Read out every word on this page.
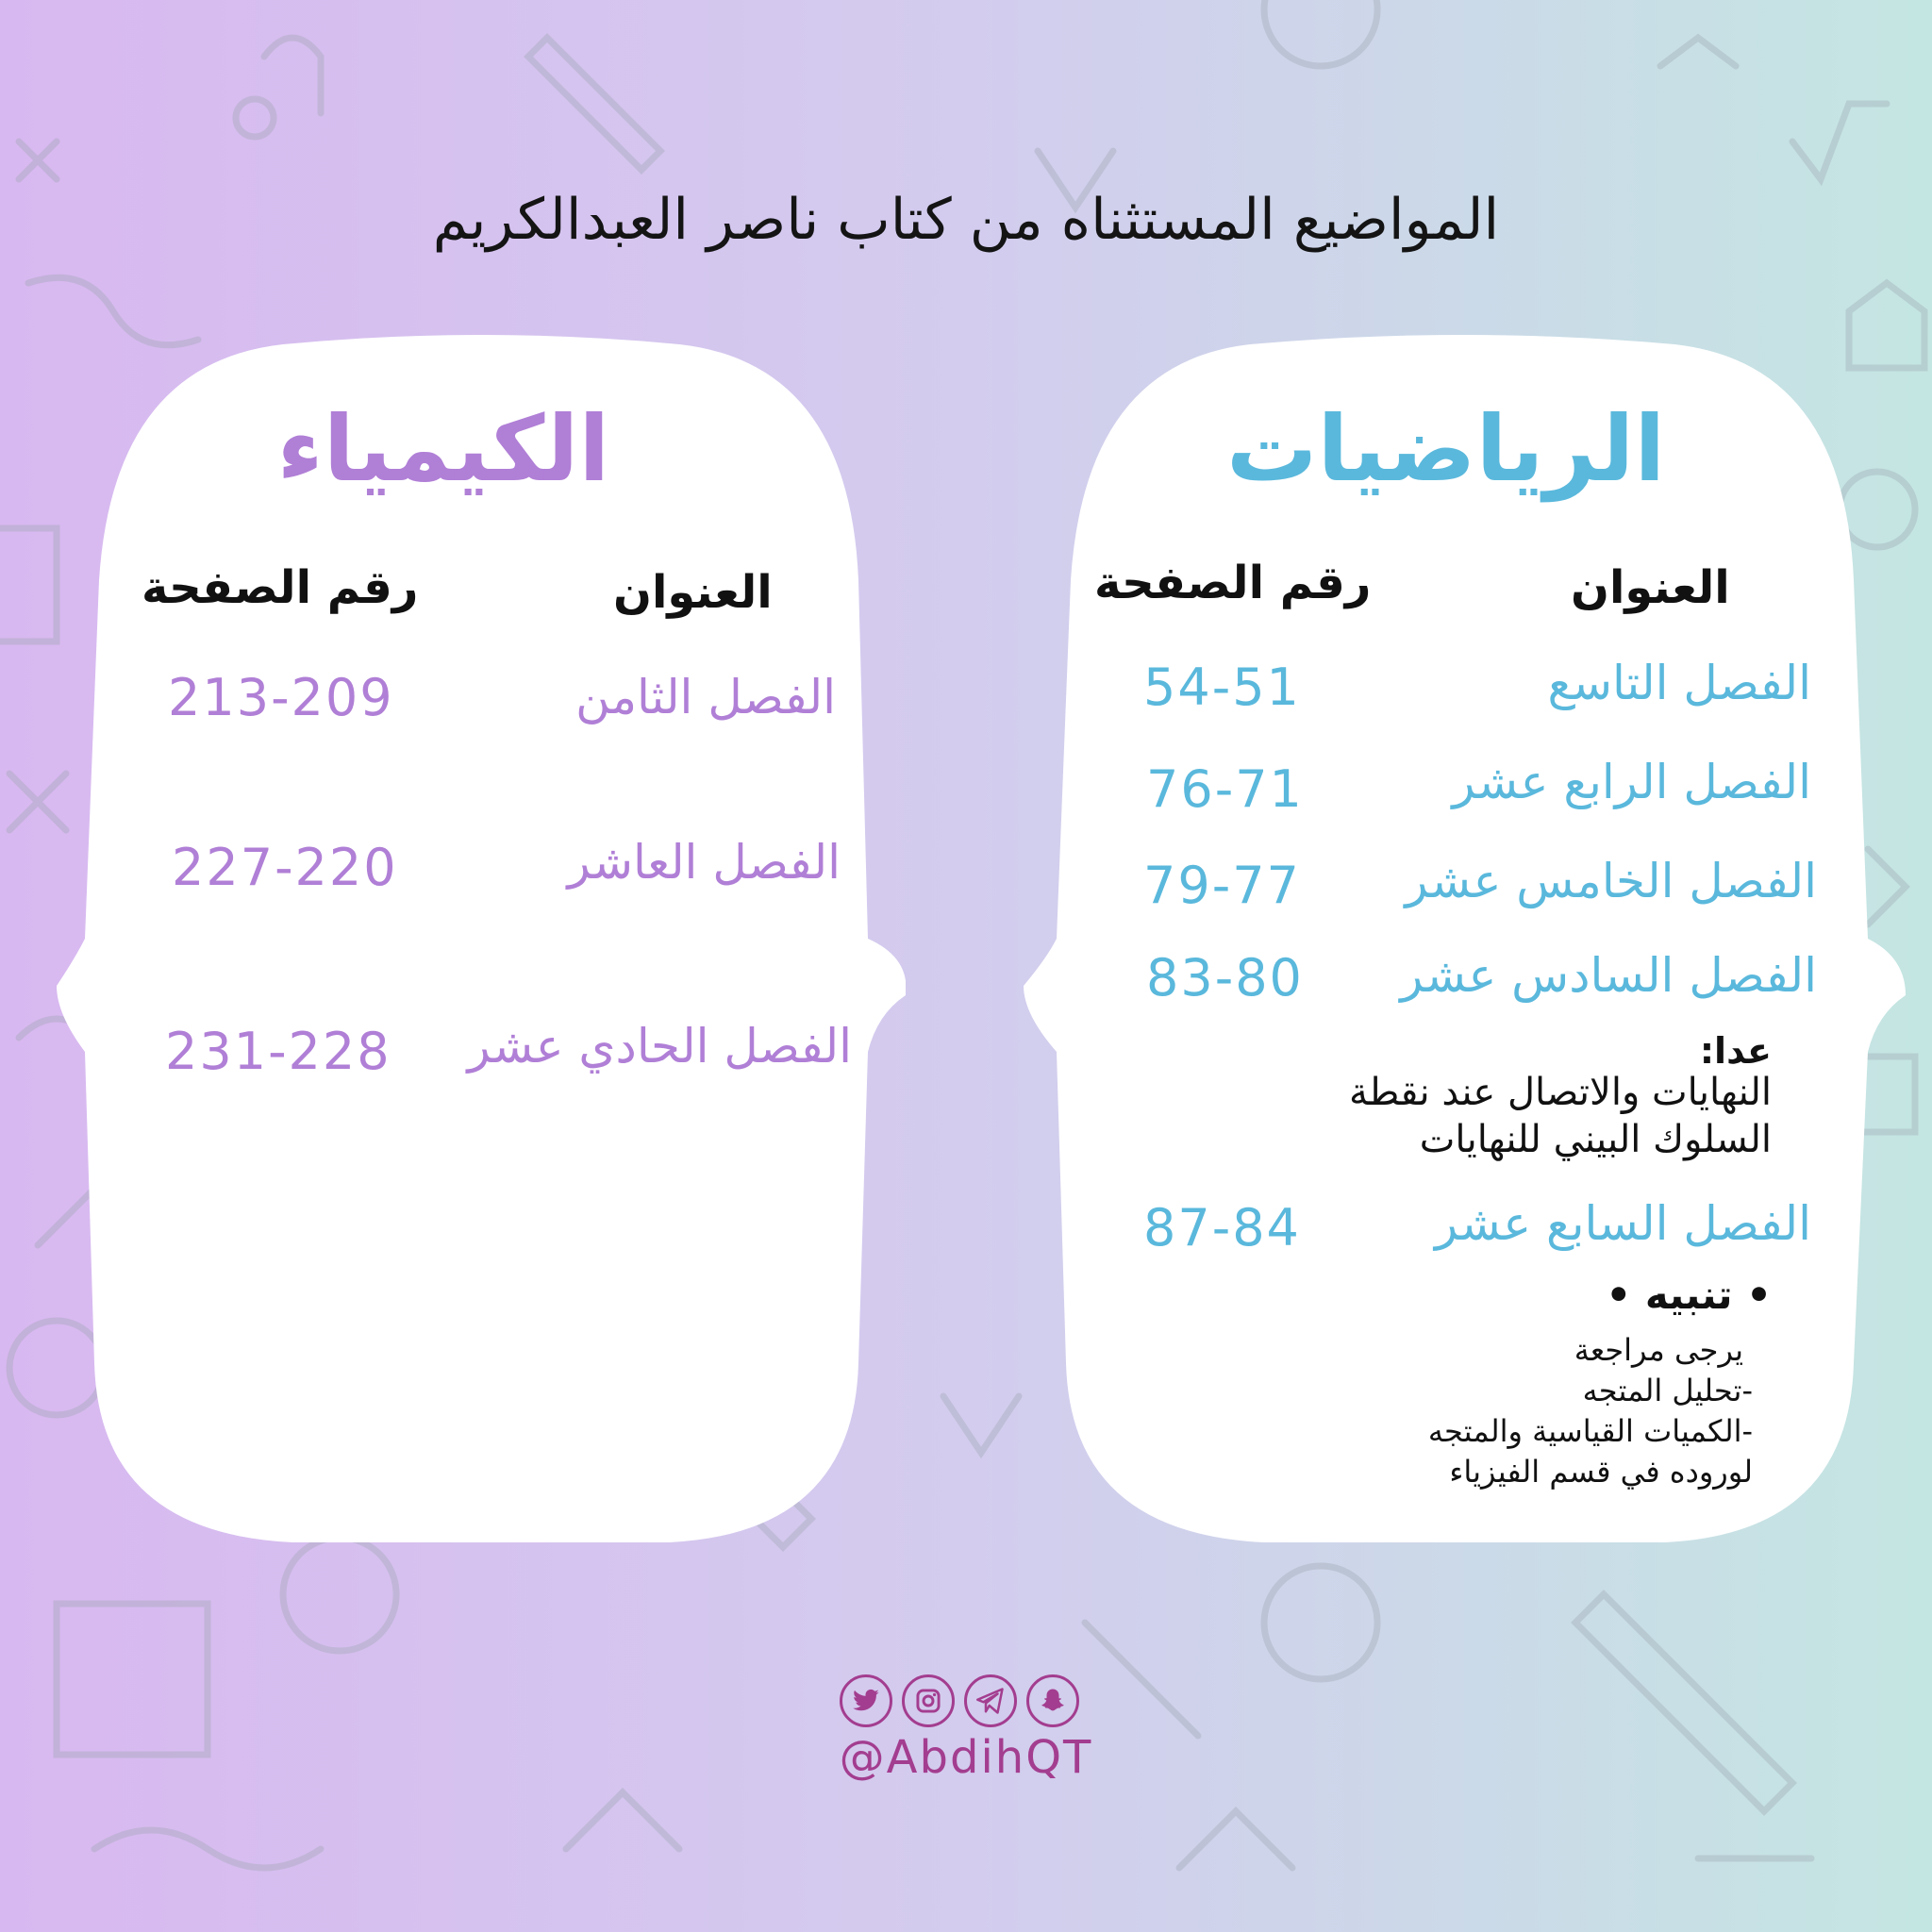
المواضيع المستثناه من كتاب ناصر العبدالكريم
الكيمياء
العنوان
رقم الصفحة
الفصل الثامن
213-209
الفصل العاشر
227-220
الفصل الحادي عشر
231-228
الرياضيات
العنوان
رقم الصفحة
الفصل التاسع
54-51
الفصل الرابع عشر
76-71
الفصل الخامس عشر
79-77
الفصل السادس عشر
83-80
عدا:
النهايات والاتصال عند نقطة
السلوك البيني للنهايات
الفصل السابع عشر
87-84
• تنبيه •
يرجى مراجعة
-تحليل المتجه
-الكميات القياسية والمتجه
لوروده في قسم الفيزياء
@AbdihQT
